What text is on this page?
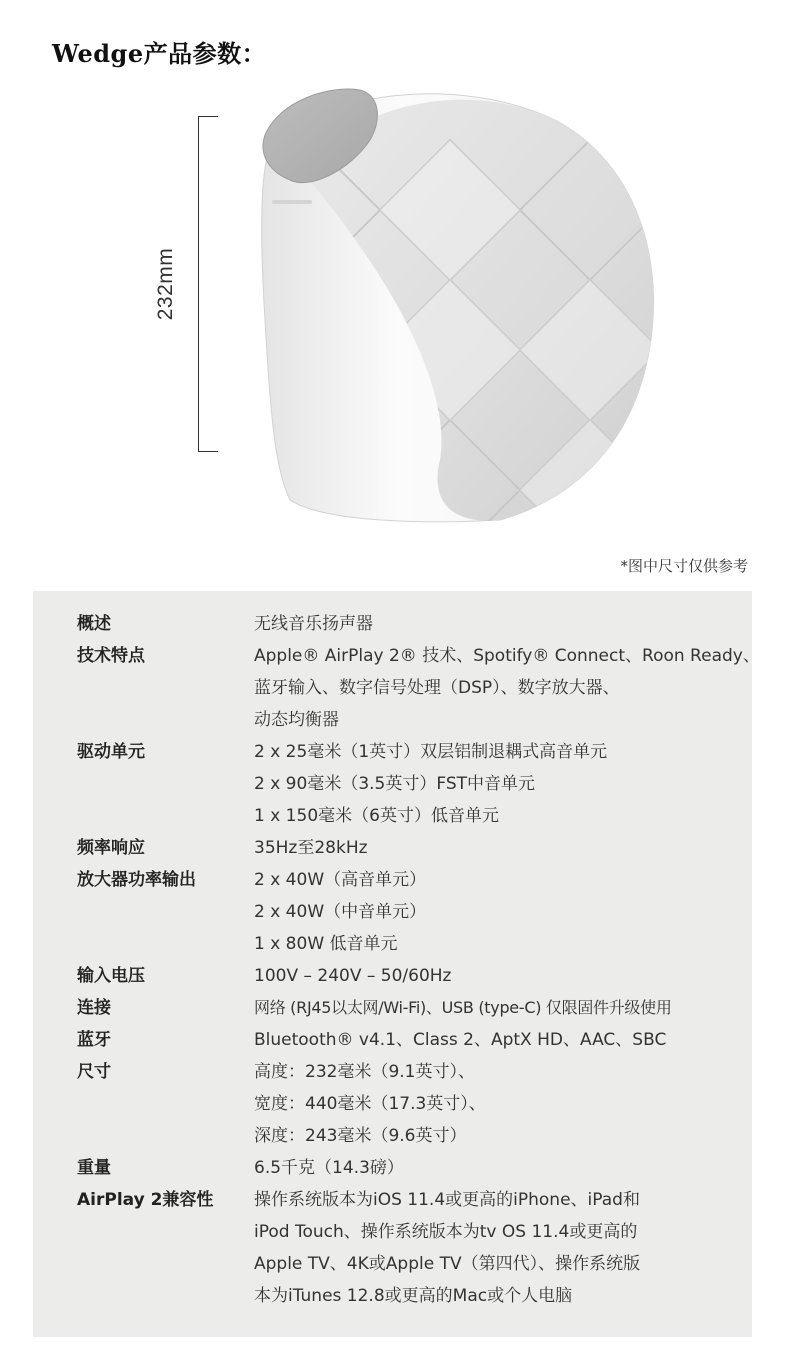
Wedge产品参数：
232mm
*图中尺寸仅供参考
概述	无线音乐扬声器
技术特点	Apple® AirPlay 2® 技术、Spotify® Connect、Roon Ready、
蓝牙输入、数字信号处理（DSP）、数字放大器、
动态均衡器
驱动单元	2 x 25毫米（1英寸）双层铝制退耦式高音单元
2 x 90毫米（3.5英寸）FST中音单元
1 x 150毫米（6英寸）低音单元
频率响应	35Hz至28kHz
放大器功率输出	2 x 40W（高音单元）
2 x 40W（中音单元）
1 x 80W 低音单元
输入电压	100V – 240V – 50/60Hz
连接	网络 (RJ45以太网/Wi-Fi)、USB (type-C) 仅限固件升级使用
蓝牙	Bluetooth® v4.1、Class 2、AptX HD、AAC、SBC
尺寸	高度：232毫米（9.1英寸）、
宽度：440毫米（17.3英寸）、
深度：243毫米（9.6英寸）
重量	6.5千克（14.3磅）
AirPlay 2兼容性 操作系统版本为iOS 11.4或更高的iPhone、iPad和
iPod Touch、操作系统版本为tv OS 11.4或更高的
Apple TV、4K或Apple TV（第四代）、操作系统版
本为iTunes 12.8或更高的Mac或个人电脑
